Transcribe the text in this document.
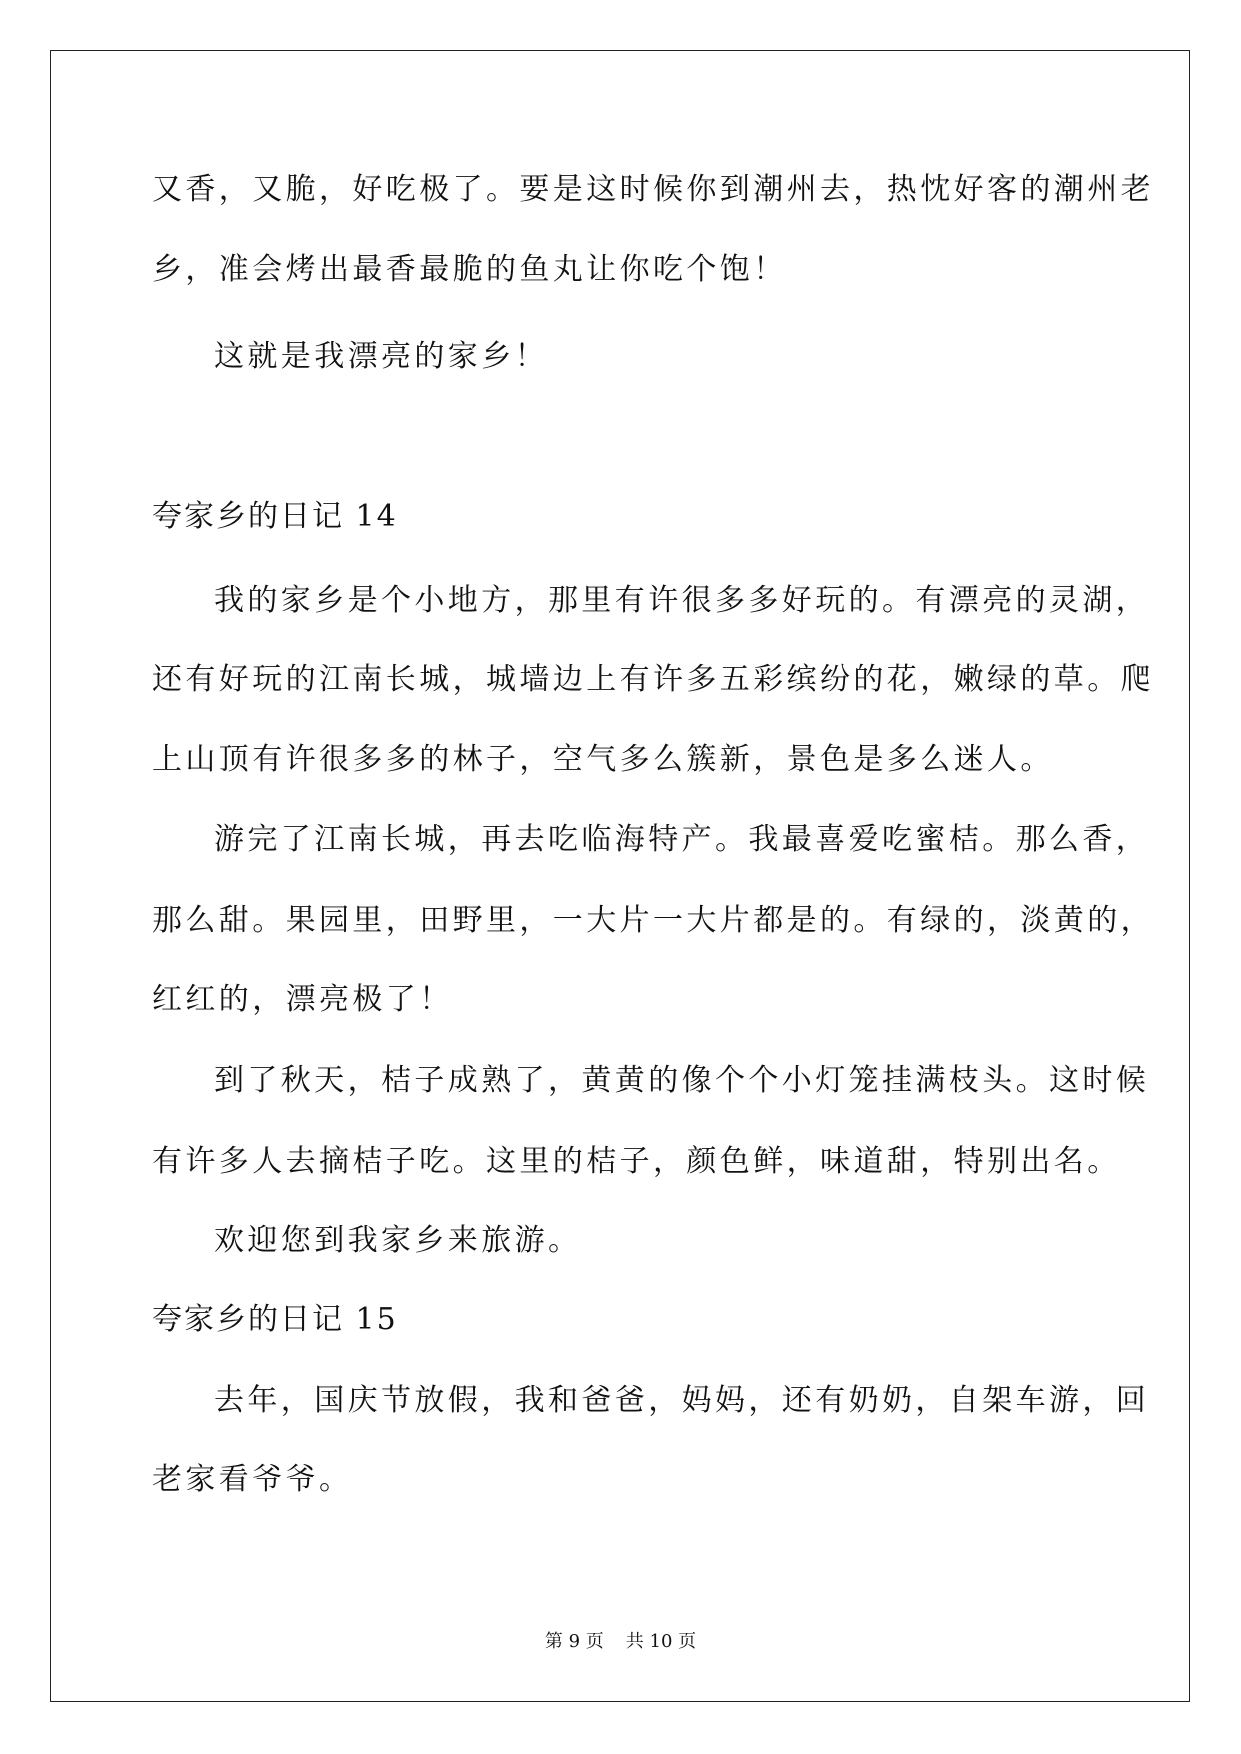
又香，又脆，好吃极了。要是这时候你到潮州去，热忱好客的潮州老
乡，准会烤出最香最脆的鱼丸让你吃个饱！
这就是我漂亮的家乡！
夸家乡的日记 14
我的家乡是个小地方，那里有许很多多好玩的。有漂亮的灵湖，
还有好玩的江南长城，城墙边上有许多五彩缤纷的花，嫩绿的草。爬
上山顶有许很多多的林子，空气多么簇新，景色是多么迷人。
游完了江南长城，再去吃临海特产。我最喜爱吃蜜桔。那么香，
那么甜。果园里，田野里，一大片一大片都是的。有绿的，淡黄的，
红红的，漂亮极了！
到了秋天，桔子成熟了，黄黄的像个个小灯笼挂满枝头。这时候
有许多人去摘桔子吃。这里的桔子，颜色鲜，味道甜，特别出名。
欢迎您到我家乡来旅游。
夸家乡的日记 15
去年，国庆节放假，我和爸爸，妈妈，还有奶奶，自架车游，回
老家看爷爷。
第 9 页 共 10 页
